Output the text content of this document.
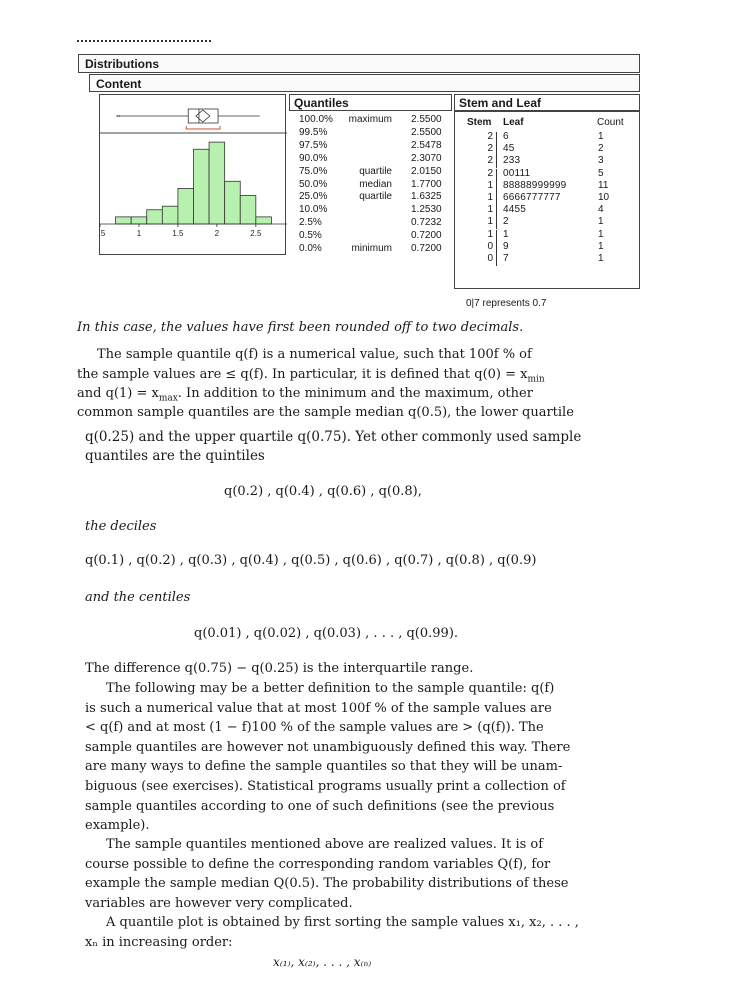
Distributions
Content
.5	1	1.5	2	2.5
Quantiles
100.0% maximum 2.5500
99.5%	2.5500
97.5%	2.5478
90.0%	2.3070
75.0%	quartile 2.0150
50.0%	median 1.7700
25.0%	quartile 1.6325
10.0%	1.2530
2.5%	0.7232
0.5%	0.7200
0.0%	minimum 0.7200
Stem and Leaf
Stem Leaf	Count
2 6	1
2 45	2
2 233	3
2 00111	5
1 88888999999	11
1 6666777777	10
1 4455	4
1 2	1
1 1	1
0 9	1
0 7	1
0|7 represents 0.7
In this case, the values have first been rounded off to two decimals.
The sample quantile q(f) is a numerical value, such that 100f % of
the sample values are ≤ q(f). In particular, it is defined that $q(0) = x_{min}$
and $q(1) = x_{max}$. In addition to the minimum and the maximum, other
common sample quantiles are the sample median q(0.5), the lower quartile
q(0.25) and the upper quartile q(0.75). Yet other commonly used sample
quantiles are the quintiles
q(0.2) , q(0.4) , q(0.6) , q(0.8),
the deciles
q(0.1) , q(0.2) , q(0.3) , q(0.4) , q(0.5) , q(0.6) , q(0.7) , q(0.8) , q(0.9)
and the centiles
q(0.01) , q(0.02) , q(0.03) , . . . , q(0.99).
The difference q(0.75) − q(0.25) is the interquartile range.
The following may be a better definition to the sample quantile: q(f)
is such a numerical value that at most 100f % of the sample values are
< q(f) and at most (1 − f)100 % of the sample values are > (q(f)). The
sample quantiles are however not unambiguously defined this way. There
are many ways to define the sample quantiles so that they will be unam-
biguous (see exercises). Statistical programs usually print a collection of
sample quantiles according to one of such definitions (see the previous
example).
The sample quantiles mentioned above are realized values. It is of
course possible to define the corresponding random variables Q(f), for
example the sample median Q(0.5). The probability distributions of these
variables are however very complicated.
A quantile plot is obtained by first sorting the sample values x₁, x₂, . . . ,
xₙ in increasing order:
x₍₁₎, x₍₂₎, . . . , x₍ₙ₎
